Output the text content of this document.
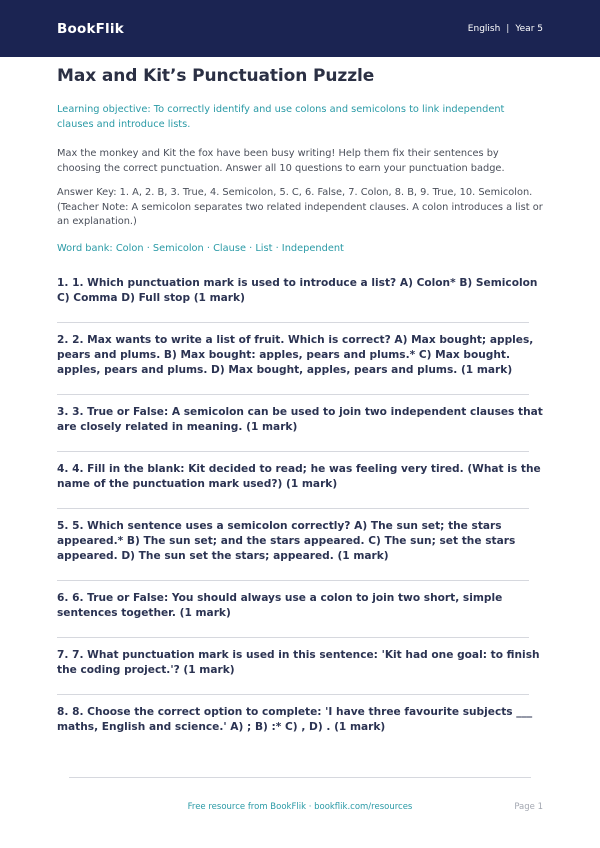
BookFlik	English | Year 5
Max and Kit’s Punctuation Puzzle

Learning objective: To correctly identify and use colons and semicolons to link independent clauses and introduce lists.

Max the monkey and Kit the fox have been busy writing! Help them fix their sentences by choosing the correct punctuation. Answer all 10 questions to earn your punctuation badge.

Answer Key: 1. A, 2. B, 3. True, 4. Semicolon, 5. C, 6. False, 7. Colon, 8. B, 9. True, 10. Semicolon. (Teacher Note: A semicolon separates two related independent clauses. A colon introduces a list or an explanation.)

Word bank: Colon · Semicolon · Clause · List · Independent

1. 1. Which punctuation mark is used to introduce a list? A) Colon* B) Semicolon C) Comma D) Full stop (1 mark)
2. 2. Max wants to write a list of fruit. Which is correct? A) Max bought; apples, pears and plums. B) Max bought: apples, pears and plums.* C) Max bought. apples, pears and plums. D) Max bought, apples, pears and plums. (1 mark)
3. 3. True or False: A semicolon can be used to join two independent clauses that are closely related in meaning. (1 mark)
4. 4. Fill in the blank: Kit decided to read; he was feeling very tired. (What is the name of the punctuation mark used?) (1 mark)
5. 5. Which sentence uses a semicolon correctly? A) The sun set; the stars appeared.* B) The sun set; and the stars appeared. C) The sun; set the stars appeared. D) The sun set the stars; appeared. (1 mark)
6. 6. True or False: You should always use a colon to join two short, simple sentences together. (1 mark)
7. 7. What punctuation mark is used in this sentence: 'Kit had one goal: to finish the coding project.'? (1 mark)
8. 8. Choose the correct option to complete: 'I have three favourite subjects ___ maths, English and science.' A) ; B) :* C) , D) . (1 mark)
Free resource from BookFlik · bookflik.com/resources	Page 1
